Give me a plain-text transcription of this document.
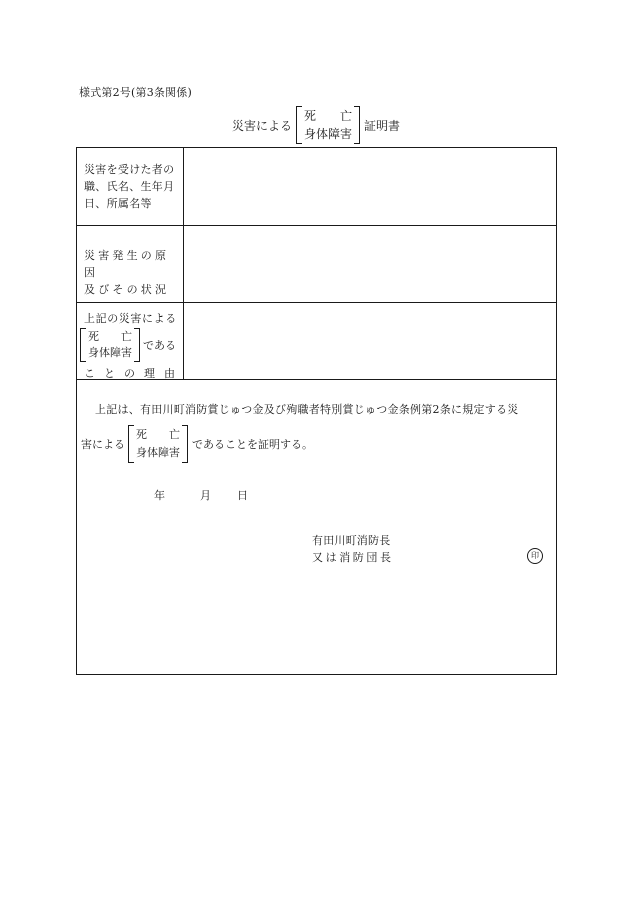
様式第2号(第3条関係)
災害による
死 亡
身体障害
証明書
災害を受けた者の
職、氏名、生年月
日、所属名等
災害発生の原因
及びその状況
上記の災害による
死 亡
身体障害
である
こ と の 理 由
上記は、有田川町消防賞じゅつ金及び殉職者特別賞じゅつ金条例第2条に規定する災
害による
死 亡
身体障害
であることを証明する。
年	月	日
有田川町消防長
又は消防団長	印
